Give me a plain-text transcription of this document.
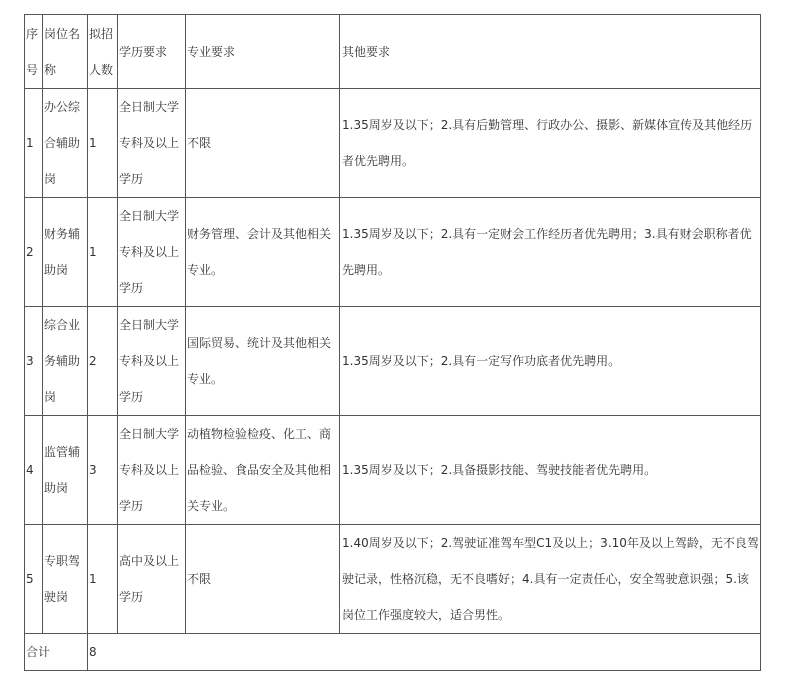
序号	岗位名称	拟招人数	学历要求	专业要求	其他要求
1	办公综合辅助岗	1	全日制大学专科及以上学历	不限	1.35周岁及以下；2.具有后勤管理、行政办公、摄影、新媒体宣传及其他经历者优先聘用。
2	财务辅助岗	1	全日制大学专科及以上学历	财务管理、会计及其他相关专业。	1.35周岁及以下；2.具有一定财会工作经历者优先聘用；3.具有财会职称者优先聘用。
3	综合业务辅助岗	2	全日制大学专科及以上学历	国际贸易、统计及其他相关专业。	1.35周岁及以下；2.具有一定写作功底者优先聘用。
4	监管辅助岗	3	全日制大学专科及以上学历	动植物检验检疫、化工、商品检验、食品安全及其他相关专业。	1.35周岁及以下；2.具备摄影技能、驾驶技能者优先聘用。
5	专职驾驶岗	1	高中及以上学历	不限	1.40周岁及以下；2.驾驶证准驾车型C1及以上；3.10年及以上驾龄，无不良驾驶记录，性格沉稳，无不良嗜好；4.具有一定责任心，安全驾驶意识强；5.该岗位工作强度较大，适合男性。
合计		8			
